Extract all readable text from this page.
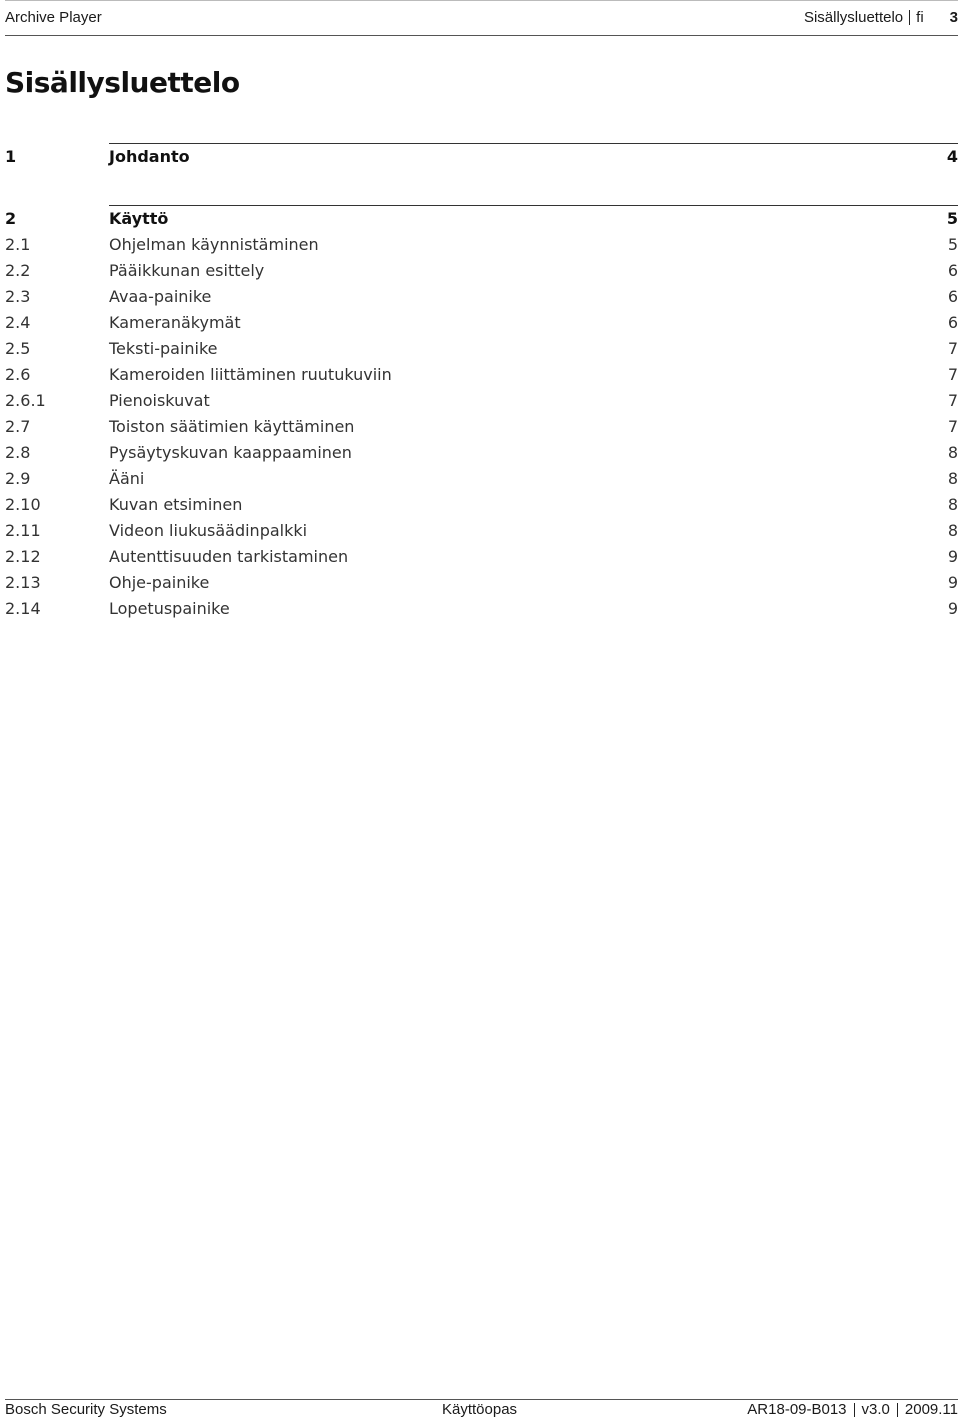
Archive Player	Sisällysluettelo fi 3
Sisällysluettelo
1	Johdanto	4
2	Käyttö	5
2.1	Ohjelman käynnistäminen	5
2.2	Pääikkunan esittely	6
2.3	Avaa-painike	6
2.4	Kameranäkymät	6
2.5	Teksti-painike	7
2.6	Kameroiden liittäminen ruutukuviin	7
2.6.1	Pienoiskuvat	7
2.7	Toiston säätimien käyttäminen	7
2.8	Pysäytyskuvan kaappaaminen	8
2.9	Ääni	8
2.10	Kuvan etsiminen	8
2.11	Videon liukusäädinpalkki	8
2.12	Autenttisuuden tarkistaminen	9
2.13	Ohje-painike	9
2.14	Lopetuspainike	9
Bosch Security Systems	Käyttöopas	AR18-09-B013 v3.0 2009.11
